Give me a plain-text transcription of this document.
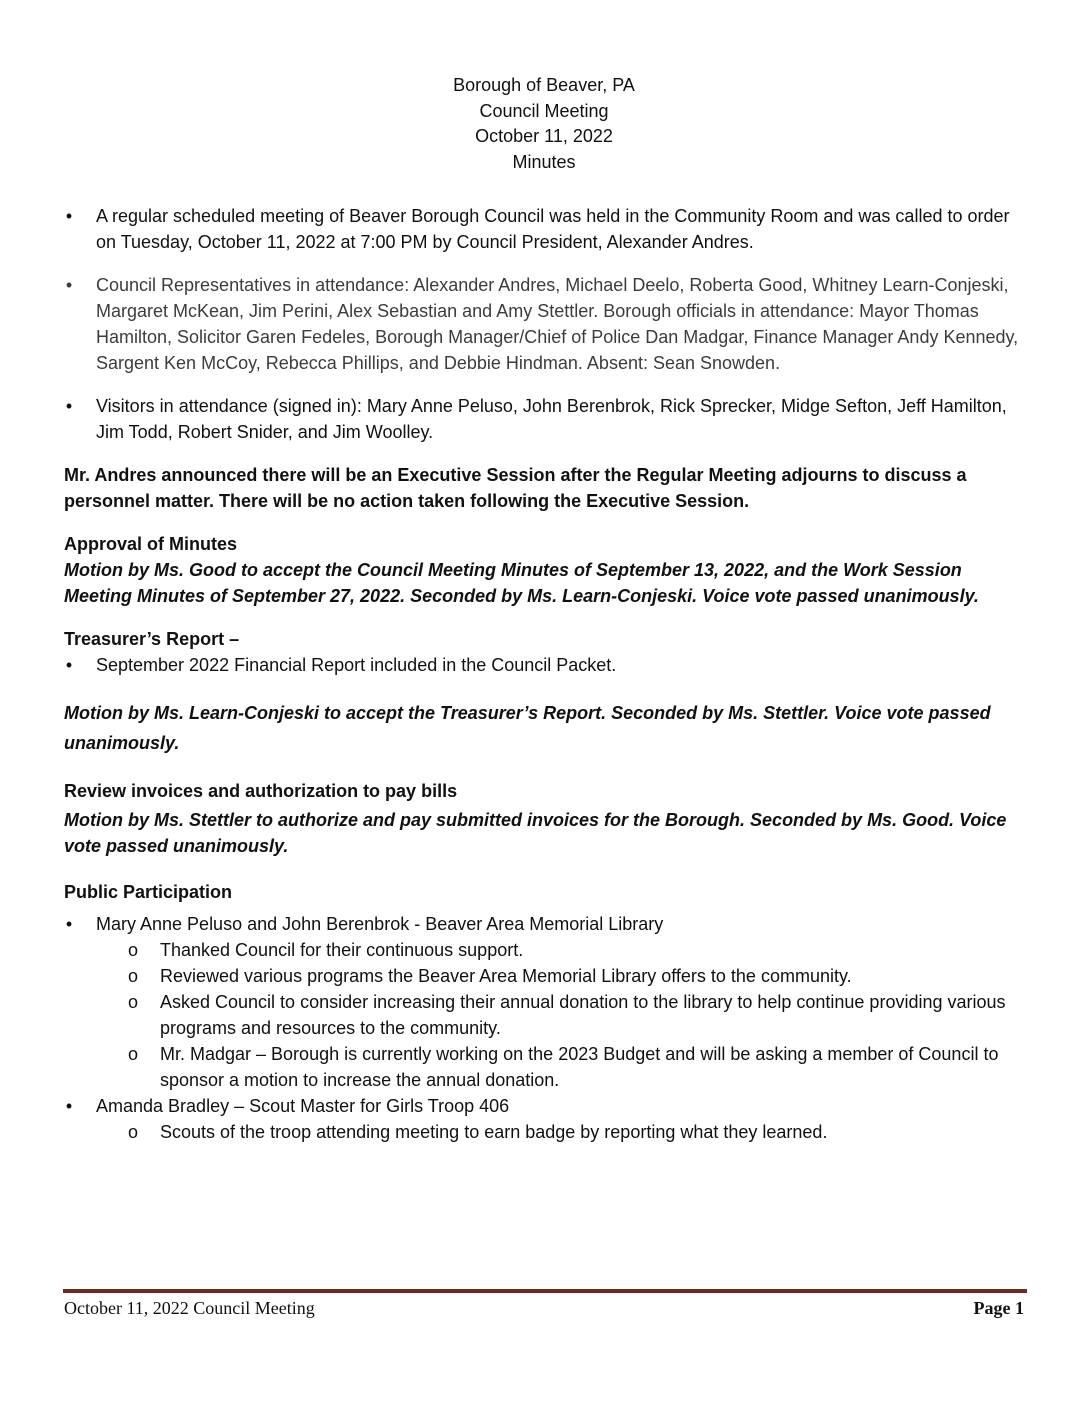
Borough of Beaver, PA
Council Meeting
October 11, 2022
Minutes
• A regular scheduled meeting of Beaver Borough Council was held in the Community Room and was called to order on Tuesday, October 11, 2022 at 7:00 PM by Council President, Alexander Andres.
• Council Representatives in attendance: Alexander Andres, Michael Deelo, Roberta Good, Whitney Learn-Conjeski, Margaret McKean, Jim Perini, Alex Sebastian and Amy Stettler. Borough officials in attendance: Mayor Thomas Hamilton, Solicitor Garen Fedeles, Borough Manager/Chief of Police Dan Madgar, Finance Manager Andy Kennedy, Sargent Ken McCoy, Rebecca Phillips, and Debbie Hindman. Absent: Sean Snowden.
• Visitors in attendance (signed in): Mary Anne Peluso, John Berenbrok, Rick Sprecker, Midge Sefton, Jeff Hamilton, Jim Todd, Robert Snider, and Jim Woolley.
Mr. Andres announced there will be an Executive Session after the Regular Meeting adjourns to discuss a personnel matter. There will be no action taken following the Executive Session.
Approval of Minutes
Motion by Ms. Good to accept the Council Meeting Minutes of September 13, 2022, and the Work Session Meeting Minutes of September 27, 2022. Seconded by Ms. Learn-Conjeski. Voice vote passed unanimously.
Treasurer’s Report –
• September 2022 Financial Report included in the Council Packet.
Motion by Ms. Learn-Conjeski to accept the Treasurer’s Report. Seconded by Ms. Stettler. Voice vote passed unanimously.
Review invoices and authorization to pay bills
Motion by Ms. Stettler to authorize and pay submitted invoices for the Borough. Seconded by Ms. Good. Voice vote passed unanimously.
Public Participation
• Mary Anne Peluso and John Berenbrok - Beaver Area Memorial Library
o Thanked Council for their continuous support.
o Reviewed various programs the Beaver Area Memorial Library offers to the community.
o Asked Council to consider increasing their annual donation to the library to help continue providing various programs and resources to the community.
o Mr. Madgar – Borough is currently working on the 2023 Budget and will be asking a member of Council to sponsor a motion to increase the annual donation.
• Amanda Bradley – Scout Master for Girls Troop 406
o Scouts of the troop attending meeting to earn badge by reporting what they learned.
October 11, 2022 Council Meeting	Page 1
